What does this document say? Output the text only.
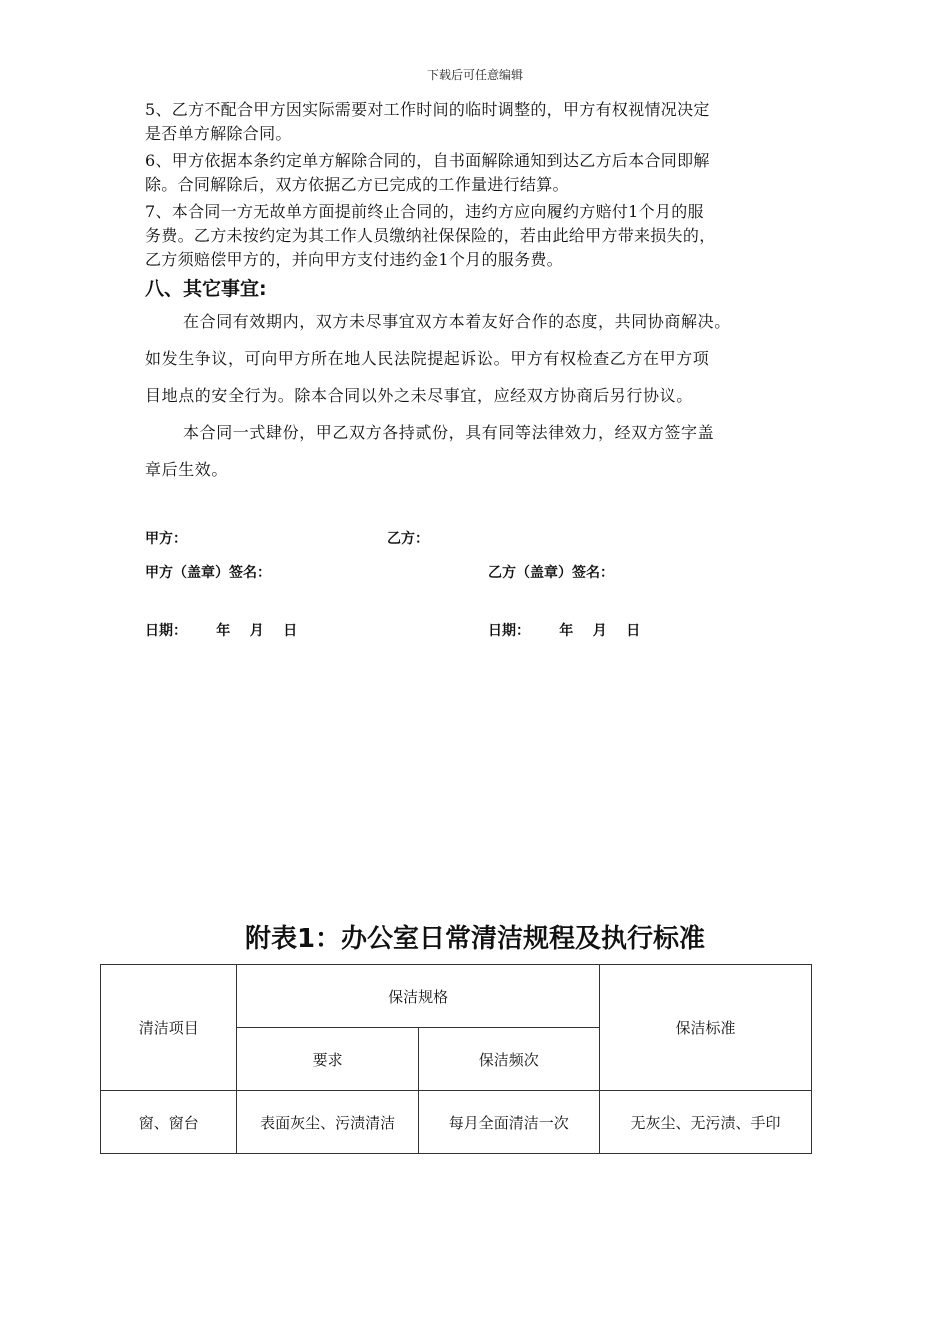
下载后可任意编辑
5、乙方不配合甲方因实际需要对工作时间的临时调整的，甲方有权视情况决定
是否单方解除合同。
6、甲方依据本条约定单方解除合同的，自书面解除通知到达乙方后本合同即解
除。合同解除后，双方依据乙方已完成的工作量进行结算。
7、本合同一方无故单方面提前终止合同的，违约方应向履约方赔付1个月的服
务费。乙方未按约定为其工作人员缴纳社保保险的，若由此给甲方带来损失的，
乙方须赔偿甲方的，并向甲方支付违约金1个月的服务费。
八、其它事宜:
在合同有效期内，双方未尽事宜双方本着友好合作的态度，共同协商解决。
如发生争议，可向甲方所在地人民法院提起诉讼。甲方有权检查乙方在甲方项
目地点的安全行为。除本合同以外之未尽事宜，应经双方协商后另行协议。
本合同一式肆份，甲乙双方各持贰份，具有同等法律效力，经双方签字盖
章后生效。
甲方：	乙方：
甲方（盖章）签名：	乙方（盖章）签名：
日期：      年    月    日	日期：      年    月    日
附表1：办公室日常清洁规程及执行标准
清洁项目	保洁规格		保洁标准
	要求	保洁频次	
窗、窗台	表面灰尘、污渍清洁	每月全面清洁一次	无灰尘、无污渍、手印
